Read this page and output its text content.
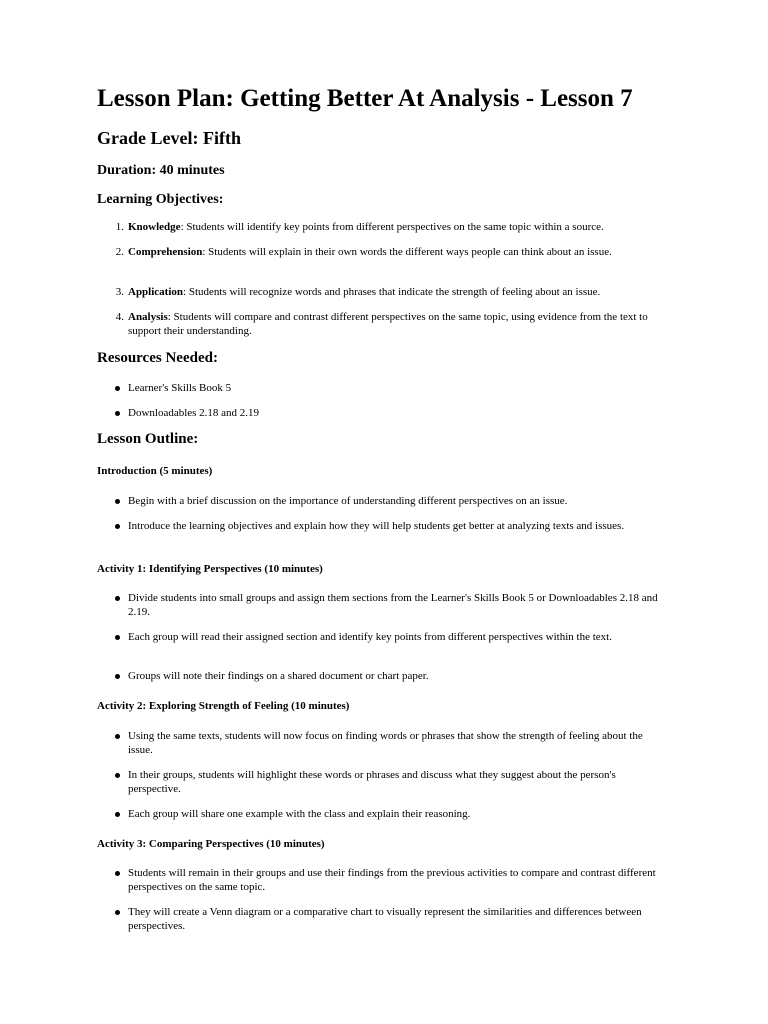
Lesson Plan: Getting Better At Analysis - Lesson 7
Grade Level: Fifth
Duration: 40 minutes
Learning Objectives:
1. Knowledge: Students will identify key points from different perspectives on the same topic within a source.
2. Comprehension: Students will explain in their own words the different ways people can think about an issue.
3. Application: Students will recognize words and phrases that indicate the strength of feeling about an issue.
4. Analysis: Students will compare and contrast different perspectives on the same topic, using evidence from the text to support their understanding.
Resources Needed:
Learner's Skills Book 5
Downloadables 2.18 and 2.19
Lesson Outline:
Introduction (5 minutes)
Begin with a brief discussion on the importance of understanding different perspectives on an issue.
Introduce the learning objectives and explain how they will help students get better at analyzing texts and issues.
Activity 1: Identifying Perspectives (10 minutes)
Divide students into small groups and assign them sections from the Learner's Skills Book 5 or Downloadables 2.18 and 2.19.
Each group will read their assigned section and identify key points from different perspectives within the text.
Groups will note their findings on a shared document or chart paper.
Activity 2: Exploring Strength of Feeling (10 minutes)
Using the same texts, students will now focus on finding words or phrases that show the strength of feeling about the issue.
In their groups, students will highlight these words or phrases and discuss what they suggest about the person's perspective.
Each group will share one example with the class and explain their reasoning.
Activity 3: Comparing Perspectives (10 minutes)
Students will remain in their groups and use their findings from the previous activities to compare and contrast different perspectives on the same topic.
They will create a Venn diagram or a comparative chart to visually represent the similarities and differences between perspectives.
